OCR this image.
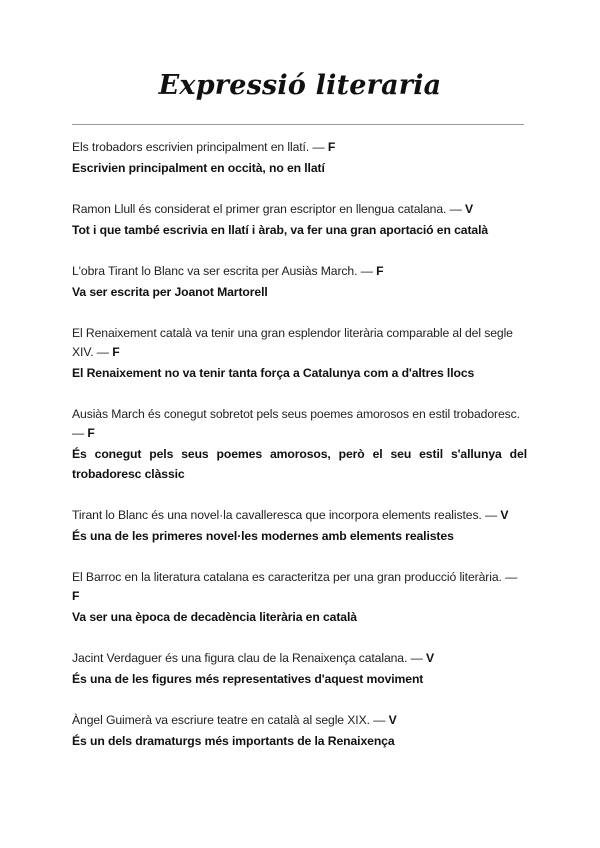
Expressió literaria

Els trobadors escrivien principalment en llatí. — F

Escrivien principalment en occità, no en llatí

Ramon Llull és considerat el primer gran escriptor en llengua catalana. — V

Tot i que també escrivia en llatí i àrab, va fer una gran aportació en català

L'obra Tirant lo Blanc va ser escrita per Ausiàs March. — F

Va ser escrita per Joanot Martorell

El Renaixement català va tenir una gran esplendor literària comparable al del segle XIV. — F

El Renaixement no va tenir tanta força a Catalunya com a d'altres llocs

Ausiàs March és conegut sobretot pels seus poemes amorosos en estil trobadoresc. — F

És conegut pels seus poemes amorosos, però el seu estil s'allunya del trobadoresc clàssic

Tirant lo Blanc és una novel·la cavalleresca que incorpora elements realistes. — V

És una de les primeres novel·les modernes amb elements realistes

El Barroc en la literatura catalana es caracteritza per una gran producció literària. — F

Va ser una època de decadència literària en català

Jacint Verdaguer és una figura clau de la Renaixença catalana. — V

És una de les figures més representatives d'aquest moviment

Àngel Guimerà va escriure teatre en català al segle XIX. — V

És un dels dramaturgs més importants de la Renaixença
